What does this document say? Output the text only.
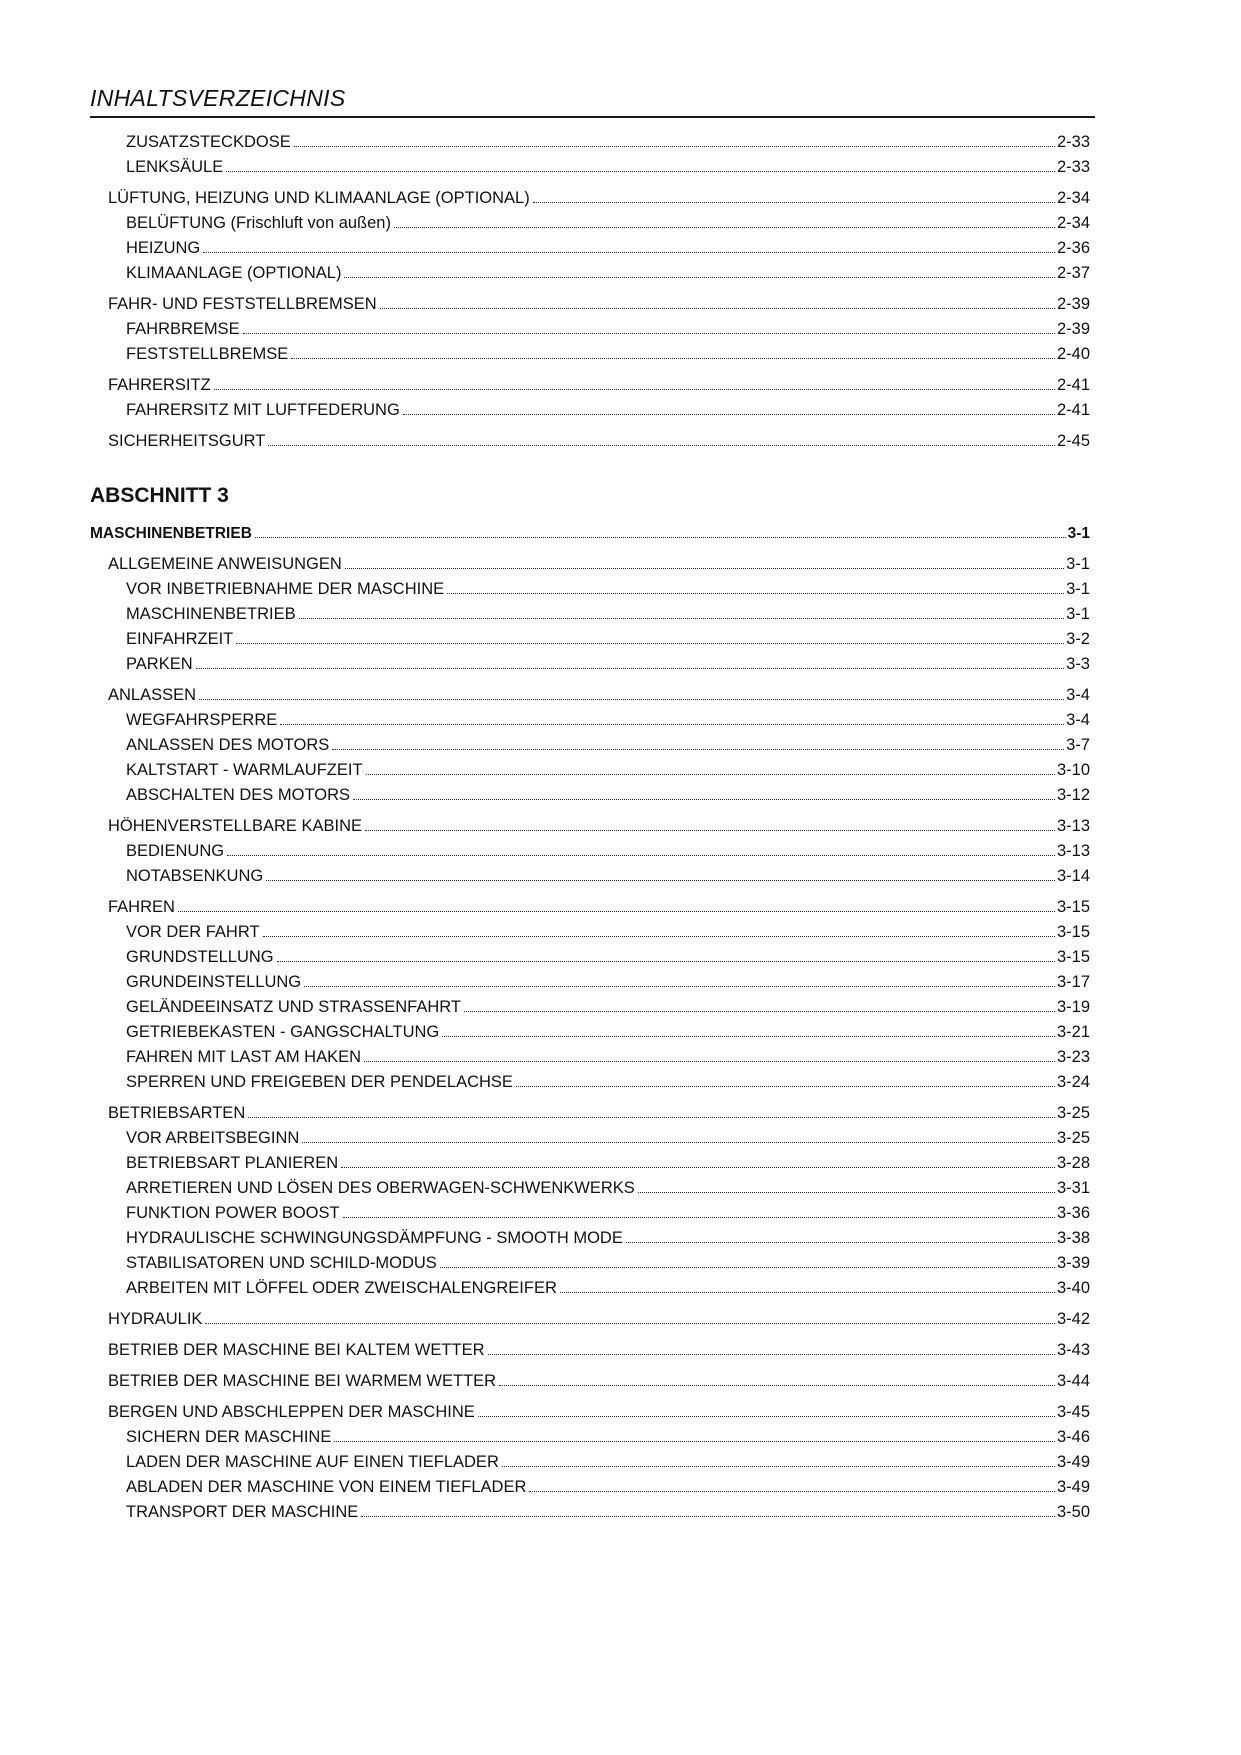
INHALTSVERZEICHNIS
ZUSATZSTECKDOSE	2-33
LENKSÄULE	2-33
LÜFTUNG, HEIZUNG UND KLIMAANLAGE (OPTIONAL)	2-34
BELÜFTUNG (Frischluft von außen)	2-34
HEIZUNG	2-36
KLIMAANLAGE (OPTIONAL)	2-37
FAHR- UND FESTSTELLBREMSEN	2-39
FAHRBREMSE	2-39
FESTSTELLBREMSE	2-40
FAHRERSITZ	2-41
FAHRERSITZ MIT LUFTFEDERUNG	2-41
SICHERHEITSGURT	2-45
ABSCHNITT 3
MASCHINENBETRIEB	3-1
ALLGEMEINE ANWEISUNGEN	3-1
VOR INBETRIEBNAHME DER MASCHINE	3-1
MASCHINENBETRIEB	3-1
EINFAHRZEIT	3-2
PARKEN	3-3
ANLASSEN	3-4
WEGFAHRSPERRE	3-4
ANLASSEN DES MOTORS	3-7
KALTSTART - WARMLAUFZEIT	3-10
ABSCHALTEN DES MOTORS	3-12
HÖHENVERSTELLBARE KABINE	3-13
BEDIENUNG	3-13
NOTABSENKUNG	3-14
FAHREN	3-15
VOR DER FAHRT	3-15
GRUNDSTELLUNG	3-15
GRUNDEINSTELLUNG	3-17
GELÄNDEEINSATZ UND STRASSENFAHRT	3-19
GETRIEBEKASTEN - GANGSCHALTUNG	3-21
FAHREN MIT LAST AM HAKEN	3-23
SPERREN UND FREIGEBEN DER PENDELACHSE	3-24
BETRIEBSARTEN	3-25
VOR ARBEITSBEGINN	3-25
BETRIEBSART PLANIEREN	3-28
ARRETIEREN UND LÖSEN DES OBERWAGEN-SCHWENKWERKS	3-31
FUNKTION POWER BOOST	3-36
HYDRAULISCHE SCHWINGUNGSDÄMPFUNG - SMOOTH MODE	3-38
STABILISATOREN UND SCHILD-MODUS	3-39
ARBEITEN MIT LÖFFEL ODER ZWEISCHALENGREIFER	3-40
HYDRAULIK	3-42
BETRIEB DER MASCHINE BEI KALTEM WETTER	3-43
BETRIEB DER MASCHINE BEI WARMEM WETTER	3-44
BERGEN UND ABSCHLEPPEN DER MASCHINE	3-45
SICHERN DER MASCHINE	3-46
LADEN DER MASCHINE AUF EINEN TIEFLADER	3-49
ABLADEN DER MASCHINE VON EINEM TIEFLADER	3-49
TRANSPORT DER MASCHINE	3-50
